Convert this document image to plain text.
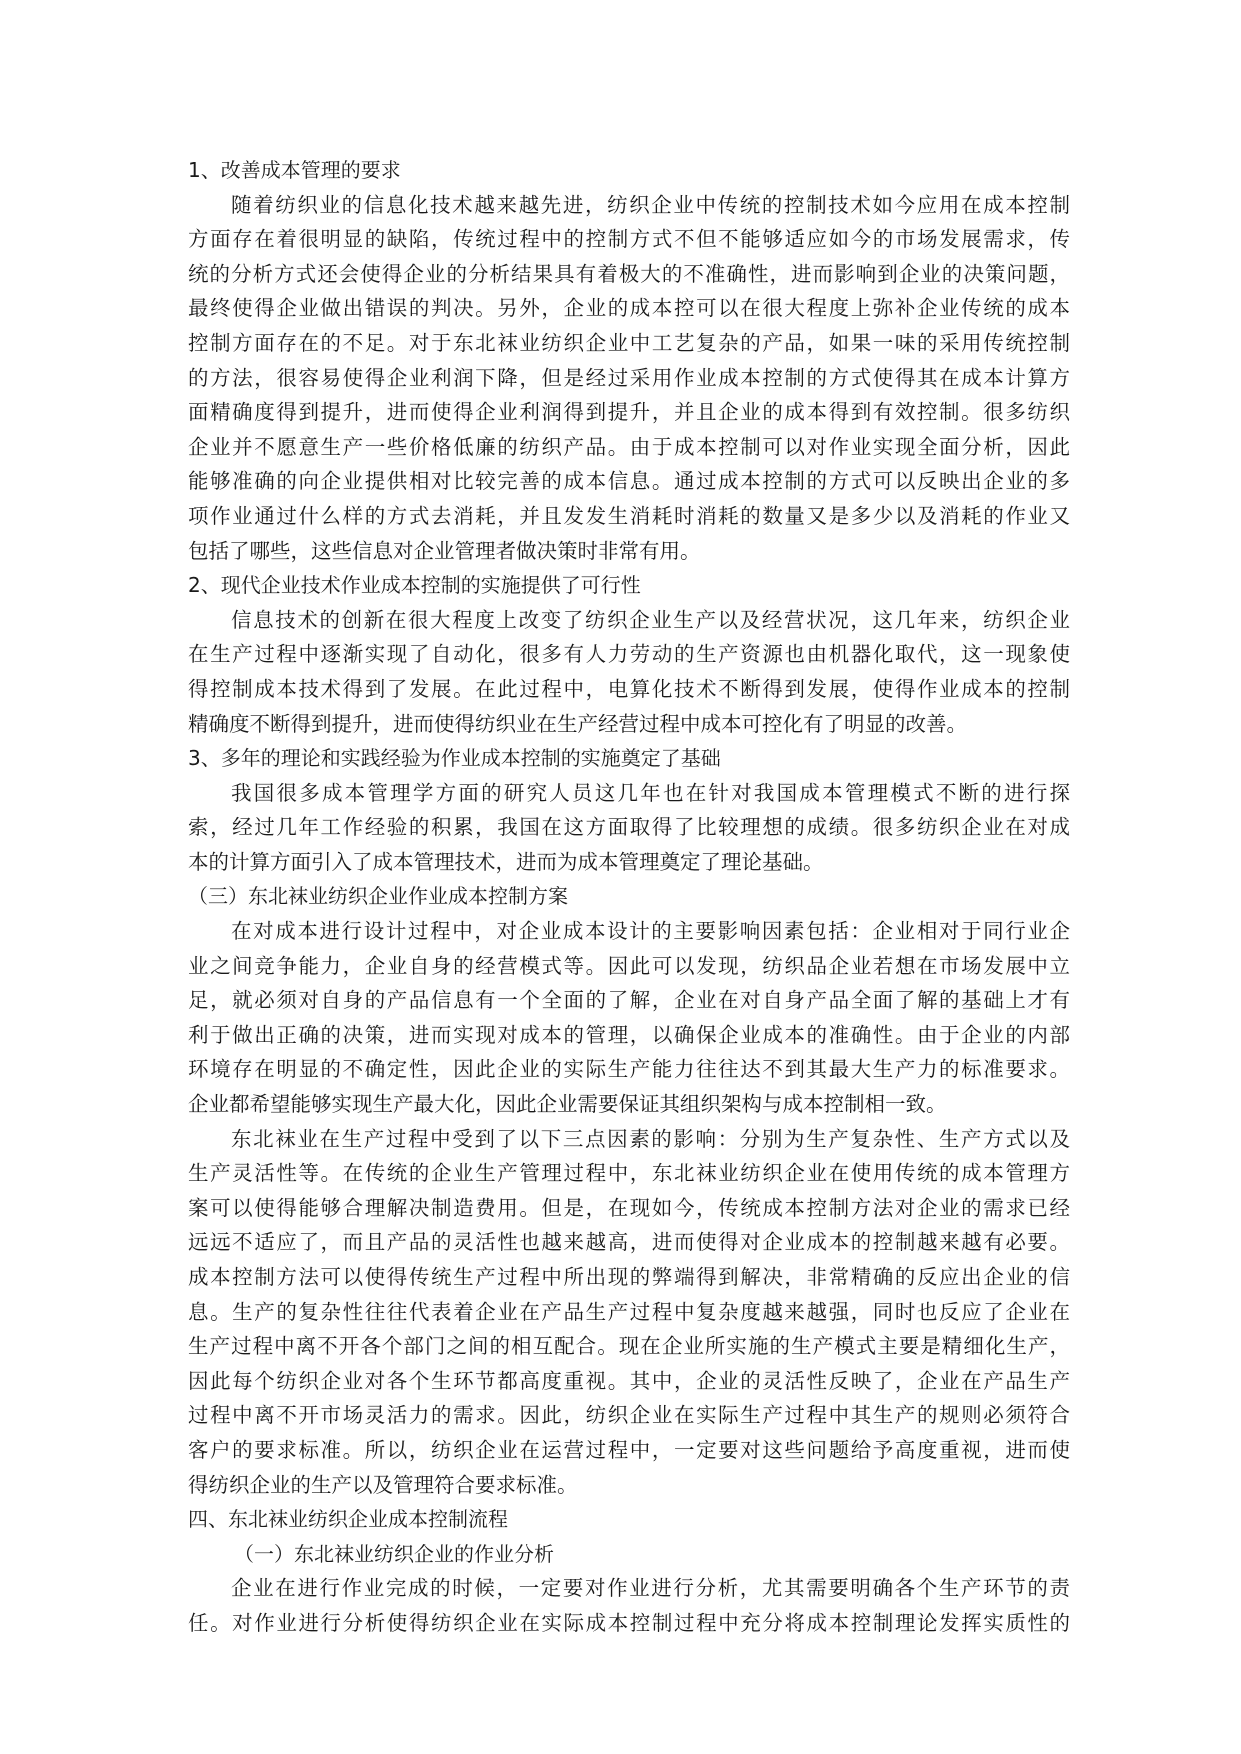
1、改善成本管理的要求
随着纺织业的信息化技术越来越先进，纺织企业中传统的控制技术如今应用在成本控制
方面存在着很明显的缺陷，传统过程中的控制方式不但不能够适应如今的市场发展需求，传
统的分析方式还会使得企业的分析结果具有着极大的不准确性，进而影响到企业的决策问题，
最终使得企业做出错误的判决。另外，企业的成本控可以在很大程度上弥补企业传统的成本
控制方面存在的不足。对于东北袜业纺织企业中工艺复杂的产品，如果一味的采用传统控制
的方法，很容易使得企业利润下降，但是经过采用作业成本控制的方式使得其在成本计算方
面精确度得到提升，进而使得企业利润得到提升，并且企业的成本得到有效控制。很多纺织
企业并不愿意生产一些价格低廉的纺织产品。由于成本控制可以对作业实现全面分析，因此
能够准确的向企业提供相对比较完善的成本信息。通过成本控制的方式可以反映出企业的多
项作业通过什么样的方式去消耗，并且发发生消耗时消耗的数量又是多少以及消耗的作业又
包括了哪些，这些信息对企业管理者做决策时非常有用。
2、现代企业技术作业成本控制的实施提供了可行性
信息技术的创新在很大程度上改变了纺织企业生产以及经营状况，这几年来，纺织企业
在生产过程中逐渐实现了自动化，很多有人力劳动的生产资源也由机器化取代，这一现象使
得控制成本技术得到了发展。在此过程中，电算化技术不断得到发展，使得作业成本的控制
精确度不断得到提升，进而使得纺织业在生产经营过程中成本可控化有了明显的改善。
3、多年的理论和实践经验为作业成本控制的实施奠定了基础
我国很多成本管理学方面的研究人员这几年也在针对我国成本管理模式不断的进行探
索，经过几年工作经验的积累，我国在这方面取得了比较理想的成绩。很多纺织企业在对成
本的计算方面引入了成本管理技术，进而为成本管理奠定了理论基础。
（三）东北袜业纺织企业作业成本控制方案
在对成本进行设计过程中，对企业成本设计的主要影响因素包括：企业相对于同行业企
业之间竞争能力，企业自身的经营模式等。因此可以发现，纺织品企业若想在市场发展中立
足，就必须对自身的产品信息有一个全面的了解，企业在对自身产品全面了解的基础上才有
利于做出正确的决策，进而实现对成本的管理，以确保企业成本的准确性。由于企业的内部
环境存在明显的不确定性，因此企业的实际生产能力往往达不到其最大生产力的标准要求。
企业都希望能够实现生产最大化，因此企业需要保证其组织架构与成本控制相一致。
东北袜业在生产过程中受到了以下三点因素的影响：分别为生产复杂性、生产方式以及
生产灵活性等。在传统的企业生产管理过程中，东北袜业纺织企业在使用传统的成本管理方
案可以使得能够合理解决制造费用。但是，在现如今，传统成本控制方法对企业的需求已经
远远不适应了，而且产品的灵活性也越来越高，进而使得对企业成本的控制越来越有必要。
成本控制方法可以使得传统生产过程中所出现的弊端得到解决，非常精确的反应出企业的信
息。生产的复杂性往往代表着企业在产品生产过程中复杂度越来越强，同时也反应了企业在
生产过程中离不开各个部门之间的相互配合。现在企业所实施的生产模式主要是精细化生产，
因此每个纺织企业对各个生环节都高度重视。其中，企业的灵活性反映了，企业在产品生产
过程中离不开市场灵活力的需求。因此，纺织企业在实际生产过程中其生产的规则必须符合
客户的要求标准。所以，纺织企业在运营过程中，一定要对这些问题给予高度重视，进而使
得纺织企业的生产以及管理符合要求标准。
四、东北袜业纺织企业成本控制流程
（一）东北袜业纺织企业的作业分析
企业在进行作业完成的时候，一定要对作业进行分析，尤其需要明确各个生产环节的责
任。对作业进行分析使得纺织企业在实际成本控制过程中充分将成本控制理论发挥实质性的
